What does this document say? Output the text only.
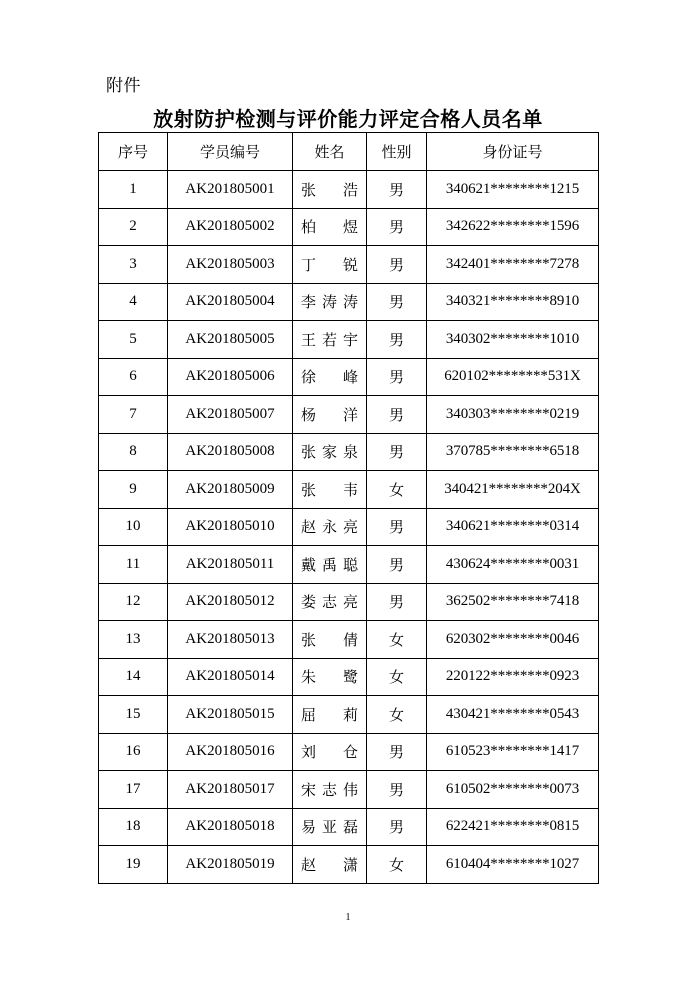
附件
放射防护检测与评价能力评定合格人员名单
序号	学员编号	姓名	性别	身份证号
1	AK201805001	张浩	男	340621********1215
2	AK201805002	柏煜	男	342622********1596
3	AK201805003	丁锐	男	342401********7278
4	AK201805004	李涛涛	男	340321********8910
5	AK201805005	王若宇	男	340302********1010
6	AK201805006	徐峰	男	620102********531X
7	AK201805007	杨洋	男	340303********0219
8	AK201805008	张家泉	男	370785********6518
9	AK201805009	张韦	女	340421********204X
10	AK201805010	赵永亮	男	340621********0314
11	AK201805011	戴禹聪	男	430624********0031
12	AK201805012	娄志亮	男	362502********7418
13	AK201805013	张倩	女	620302********0046
14	AK201805014	朱鹭	女	220122********0923
15	AK201805015	屈莉	女	430421********0543
16	AK201805016	刘仓	男	610523********1417
17	AK201805017	宋志伟	男	610502********0073
18	AK201805018	易亚磊	男	622421********0815
19	AK201805019	赵潇	女	610404********1027
1
